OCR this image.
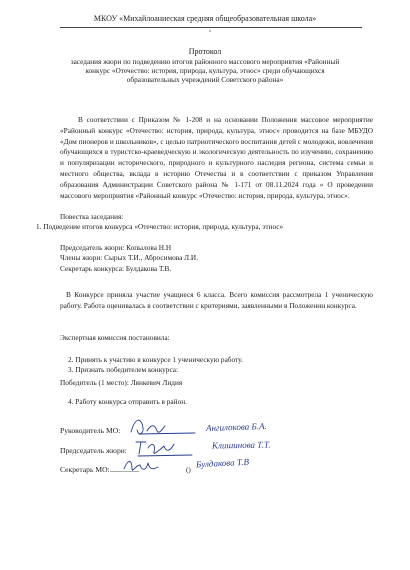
МКОУ «Михайлоаниеская средняя общеобразовательная школа»
Протокол
заседания жюри по подведению итогов районного массового мероприятия «Районный
конкурс «Отечество: история, природа, культура, этнос» среди обучающихся
образовательных учреждений Советского района»
В соответствии с Приказом № 1-208 и на основании Положения массовое мероприятие «Районный конкурс «Отечество: история, природа, культура, этнос» проводится на базе МБУДО «Дом пионеров и школьников», с целью патриотического воспитания детей с молодежи, вовлечения обучающихся в туристско-краеведческую и экологическую деятельность по изучению, сохранению и популяризации исторического, природного и культурного наследия региона, система семьи и местного общества, вклада в историю Отечества и в соответствии с приказом Управления образования Администрации Советского района № 1-171 от 08.11.2024 года « О проведении массового мероприятия «Районный конкурс «Отечество: история, природа, культура, этнос».
Повестка заседания:
1. Подведение итогов конкурса «Отечество: история, природа, культура, этнос»
Председатель жюри: Копылова Н.Н
Члены жюри: Сырых Т.И., Абросимова Л.И.
Секретарь конкурса: Булдакова Т.В.
В Конкурсе приняла участие учащиеся 6 класса. Всего комиссия рассмотрела 1 ученическую работу. Работа оценивалась в соответствии с критериями, заявленными в Положении конкурса.
Экспертная комиссия постановила:
2. Принять к участию в конкурсе 1 ученическую работу.
3. Признать победителем конкурса:
Победитель (1 место): Лянкевич Лидия
4. Работу конкурса отправить в район.
Руководитель МО:	Ангилокова Б.А.
Председатель жюри:	Клишинова Т.Т.
Секретарь МО: ________	()
Булдакова Т.В
